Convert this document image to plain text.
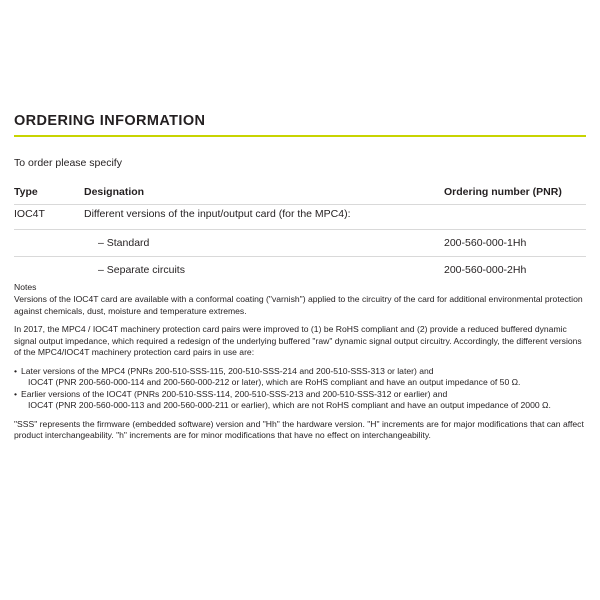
ORDERING INFORMATION
To order please specify
Type	Designation	Ordering number (PNR)
IOC4T	Different versions of the input/output card (for the MPC4):	
	– Standard	200-560-000-1Hh
	– Separate circuits	200-560-000-2Hh
Notes

Versions of the IOC4T card are available with a conformal coating ("varnish") applied to the circuitry of the card for additional environmental protection against chemicals, dust, moisture and temperature extremes.

In 2017, the MPC4 / IOC4T machinery protection card pairs were improved to (1) be RoHS compliant and (2) provide a reduced buffered dynamic signal output impedance, which required a redesign of the underlying buffered "raw" dynamic signal output circuitry. Accordingly, the different versions of the MPC4/IOC4T machinery protection card pairs in use are:

• Later versions of the MPC4 (PNRs 200-510-SSS-115, 200-510-SSS-214 and 200-510-SSS-313 or later) and
IOC4T (PNR 200-560-000-114 and 200-560-000-212 or later), which are RoHS compliant and have an output impedance of 50 Ω.
• Earlier versions of the IOC4T (PNRs 200-510-SSS-114, 200-510-SSS-213 and 200-510-SSS-312 or earlier) and
IOC4T (PNR 200-560-000-113 and 200-560-000-211 or earlier), which are not RoHS compliant and have an output impedance of 2000 Ω.

"SSS" represents the firmware (embedded software) version and "Hh" the hardware version. "H" increments are for major modifications that can affect product interchangeability. "h" increments are for minor modifications that have no effect on interchangeability.
